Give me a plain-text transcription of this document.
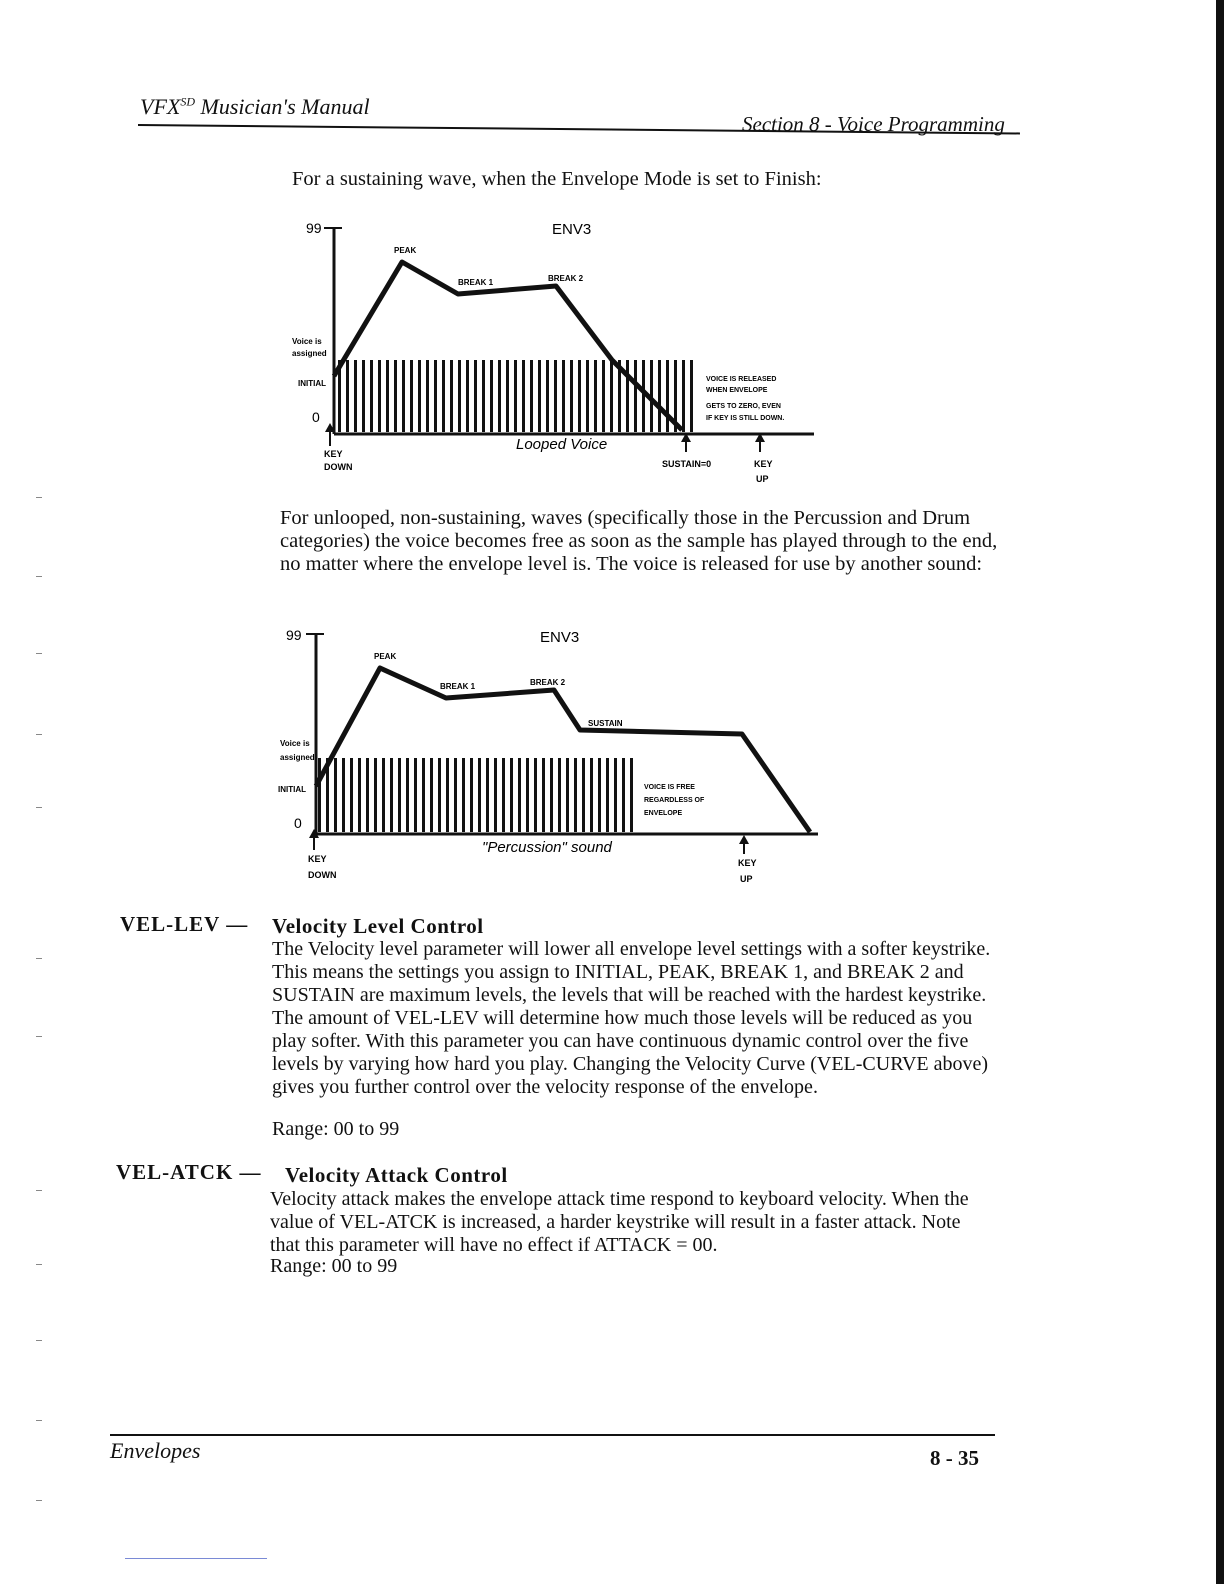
$VFX^{SD}$ Musician's Manual
Section 8 - Voice Programming
For a sustaining wave, when the Envelope Mode is set to Finish:
99
0
ENV3
PEAK
BREAK 1	BREAK 2
Voice is
assigned
INITIAL	VOICE IS RELEASED
WHEN ENVELOPE
GETS TO ZERO, EVEN
IF KEY IS STILL DOWN.
KEY
DOWN
Looped Voice
SUSTAIN=0	KEY
UP
For unlooped, non-sustaining, waves (specifically those in the Percussion and Drum categories) the voice becomes free as soon as the sample has played through to the end, no matter where the envelope level is. The voice is released for use by another sound:
99
0
ENV3
PEAK
BREAK 1	BREAK 2
SUSTAIN
Voice is
assigned
INITIAL	VOICE IS FREE
REGARDLESS OF
ENVELOPE
KEY
DOWN
"Percussion" sound
KEY
UP
VEL-LEV — Velocity Level Control
The Velocity level parameter will lower all envelope level settings with a softer keystrike. This means the settings you assign to INITIAL, PEAK, BREAK 1, and BREAK 2 and SUSTAIN are maximum levels, the levels that will be reached with the hardest keystrike. The amount of VEL-LEV will determine how much those levels will be reduced as you play softer. With this parameter you can have continuous dynamic control over the five levels by varying how hard you play. Changing the Velocity Curve (VEL-CURVE above) gives you further control over the velocity response of the envelope.
Range: 00 to 99
VEL-ATCK — Velocity Attack Control
Velocity attack makes the envelope attack time respond to keyboard velocity. When the value of VEL-ATCK is increased, a harder keystrike will result in a faster attack. Note that this parameter will have no effect if ATTACK = 00.
Range: 00 to 99
Envelopes	8 - 35
